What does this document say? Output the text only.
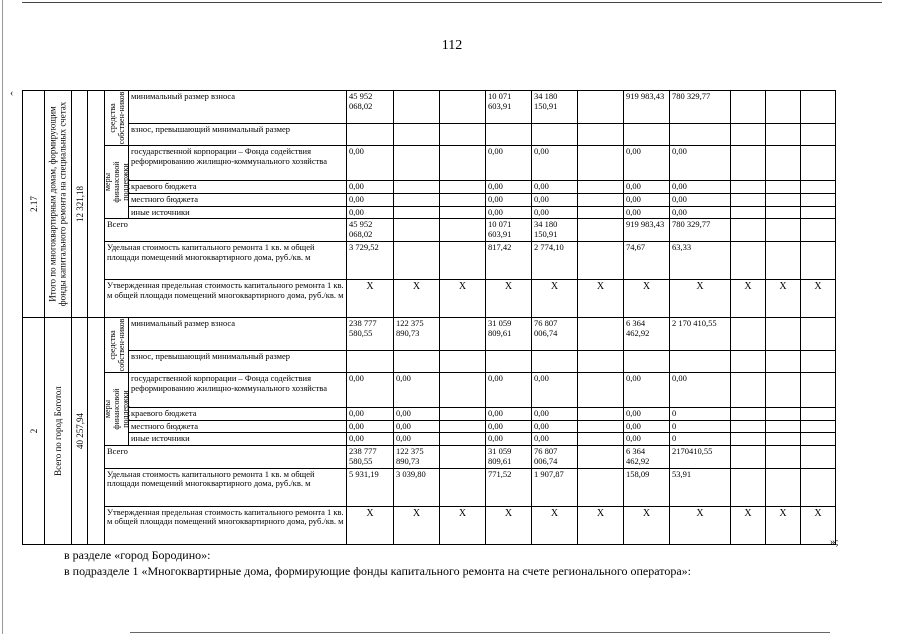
112
‹
»;
2.17	Итого по многоквартирным домам, формирующим фонды капитального ремонта на специальных счетах	12 321,18		средства собствен-ников	минимальный размер взноса	45 952 068,02			10 071 603,91	34 180 150,91		919 983,43	780 329,77			
					взнос, превышающий минимальный размер											

				меры финансовой поддержки	государственной корпорации – Фонда содействия реформированию жилищно-коммунального хозяйства	0,00			0,00	0,00		0,00	0,00			
					краевого бюджета	0,00			0,00	0,00		0,00	0,00			
					местного бюджета	0,00			0,00	0,00		0,00	0,00			
					иные источники	0,00			0,00	0,00		0,00	0,00			
				Всего		45 952 068,02			10 071 603,91	34 180 150,91		919 983,43	780 329,77			
				Удельная стоимость капитального ремонта 1 кв. м общей площади помещений многоквартирного дома, руб./кв. м		3 729,52			817,42	2 774,10		74,67	63,33			
				Утвержденная предельная стоимость капитального ремонта 1 кв. м общей площади помещений многоквартирного дома, руб./кв. м		X	X	X	X	X	X	X	X	X	X	X

2	Всего по город Боготол	40 257,94		средства собствен-ников	минимальный размер взноса	238 777 580,55	122 375 890,73		31 059 809,61	76 807 006,74		6 364 462,92	2 170 410,55			
					взнос, превышающий минимальный размер											

				меры финансовой поддержки	государственной корпорации – Фонда содействия реформированию жилищно-коммунального хозяйства	0,00	0,00		0,00	0,00		0,00	0,00			
					краевого бюджета	0,00	0,00		0,00	0,00		0,00	0			
					местного бюджета	0,00	0,00		0,00	0,00		0,00	0			
					иные источники	0,00	0,00		0,00	0,00		0,00	0			
				Всего		238 777 580,55	122 375 890,73		31 059 809,61	76 807 006,74		6 364 462,92	2170410,55			
				Удельная стоимость капитального ремонта 1 кв. м общей площади помещений многоквартирного дома, руб./кв. м		5 931,19	3 039,80		771,52	1 907,87		158,09	53,91			
				Утвержденная предельная стоимость капитального ремонта 1 кв. м общей площади помещений многоквартирного дома, руб./кв. м		X	X	X	X	X	X	X	X	X	X	X
в разделе «город Бородино»:
в подразделе 1 «Многоквартирные дома, формирующие фонды капитального ремонта на счете регионального оператора»:
